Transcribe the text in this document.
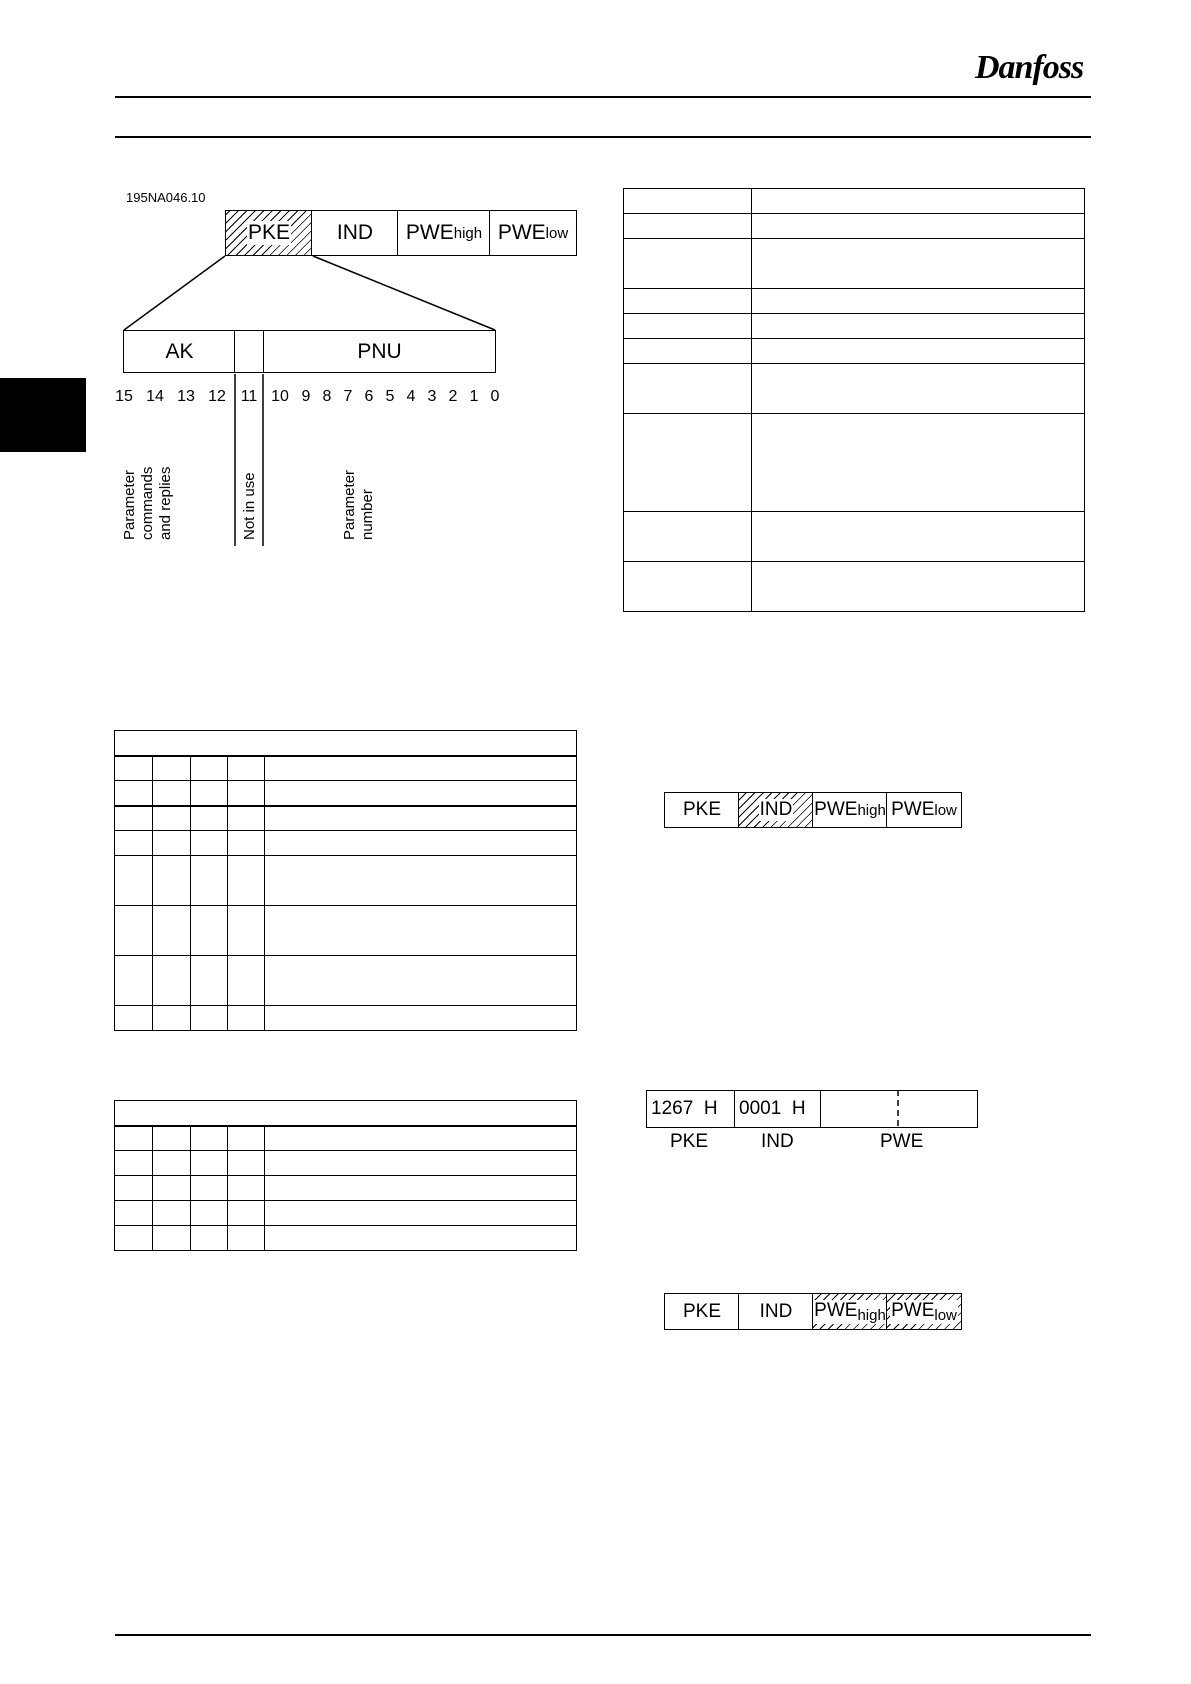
Danfoss
195NA046.10
PKE IND PWE high PWE low
AK	PNU
15 14 13 12 11 10 9 8 7 6 5 4 3 2 1 0
Parameter
commands
and replies	Not in use	Parameter
number

PKE IND PWE high PWE low
1267  H 0001  H
PKE	IND	PWE
PKE IND $PWE_{high}$ $PWE_{low}$
